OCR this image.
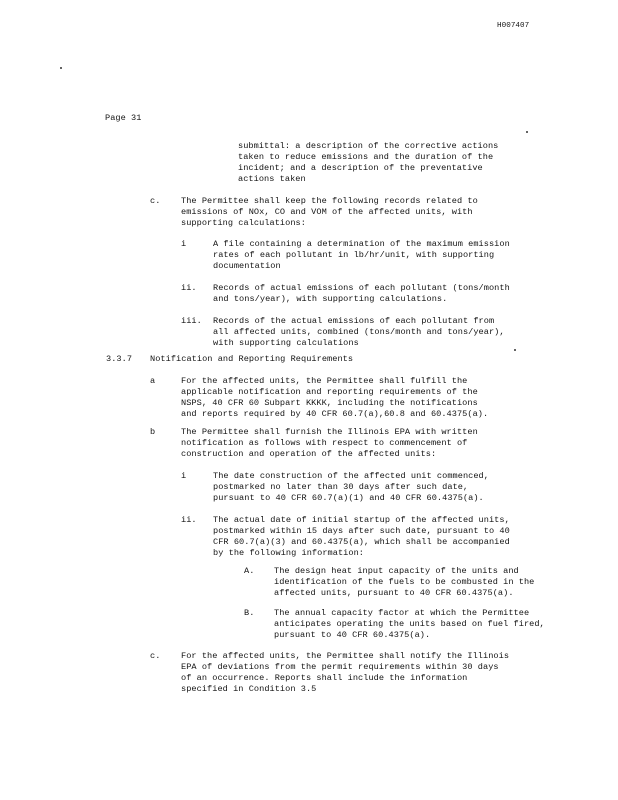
H007407
Page 31
submittal: a description of the corrective actions
taken to reduce emissions and the duration of the
incident; and a description of the preventative
actions taken
c. The Permittee shall keep the following records related to
emissions of NOx, CO and VOM of the affected units, with
supporting calculations:
i	A file containing a determination of the maximum emission
rates of each pollutant in lb/hr/unit, with supporting
documentation
ii. Records of actual emissions of each pollutant (tons/month
and tons/year), with supporting calculations.
iii. Records of the actual emissions of each pollutant from
all affected units, combined (tons/month and tons/year),
with supporting calculations
3.3.7 Notification and Reporting Requirements
a	For the affected units, the Permittee shall fulfill the
applicable notification and reporting requirements of the
NSPS, 40 CFR 60 Subpart KKKK, including the notifications
and reports required by 40 CFR 60.7(a),60.8 and 60.4375(a).
b	The Permittee shall furnish the Illinois EPA with written
notification as follows with respect to commencement of
construction and operation of the affected units:
i	The date construction of the affected unit commenced,
postmarked no later than 30 days after such date,
pursuant to 40 CFR 60.7(a)(1) and 40 CFR 60.4375(a).
ii. The actual date of initial startup of the affected units,
postmarked within 15 days after such date, pursuant to 40
CFR 60.7(a)(3) and 60.4375(a), which shall be accompanied
by the following information:
A. The design heat input capacity of the units and
identification of the fuels to be combusted in the
affected units, pursuant to 40 CFR 60.4375(a).
B. The annual capacity factor at which the Permittee
anticipates operating the units based on fuel fired,
pursuant to 40 CFR 60.4375(a).
c. For the affected units, the Permittee shall notify the Illinois
EPA of deviations from the permit requirements within 30 days
of an occurrence. Reports shall include the information
specified in Condition 3.5
